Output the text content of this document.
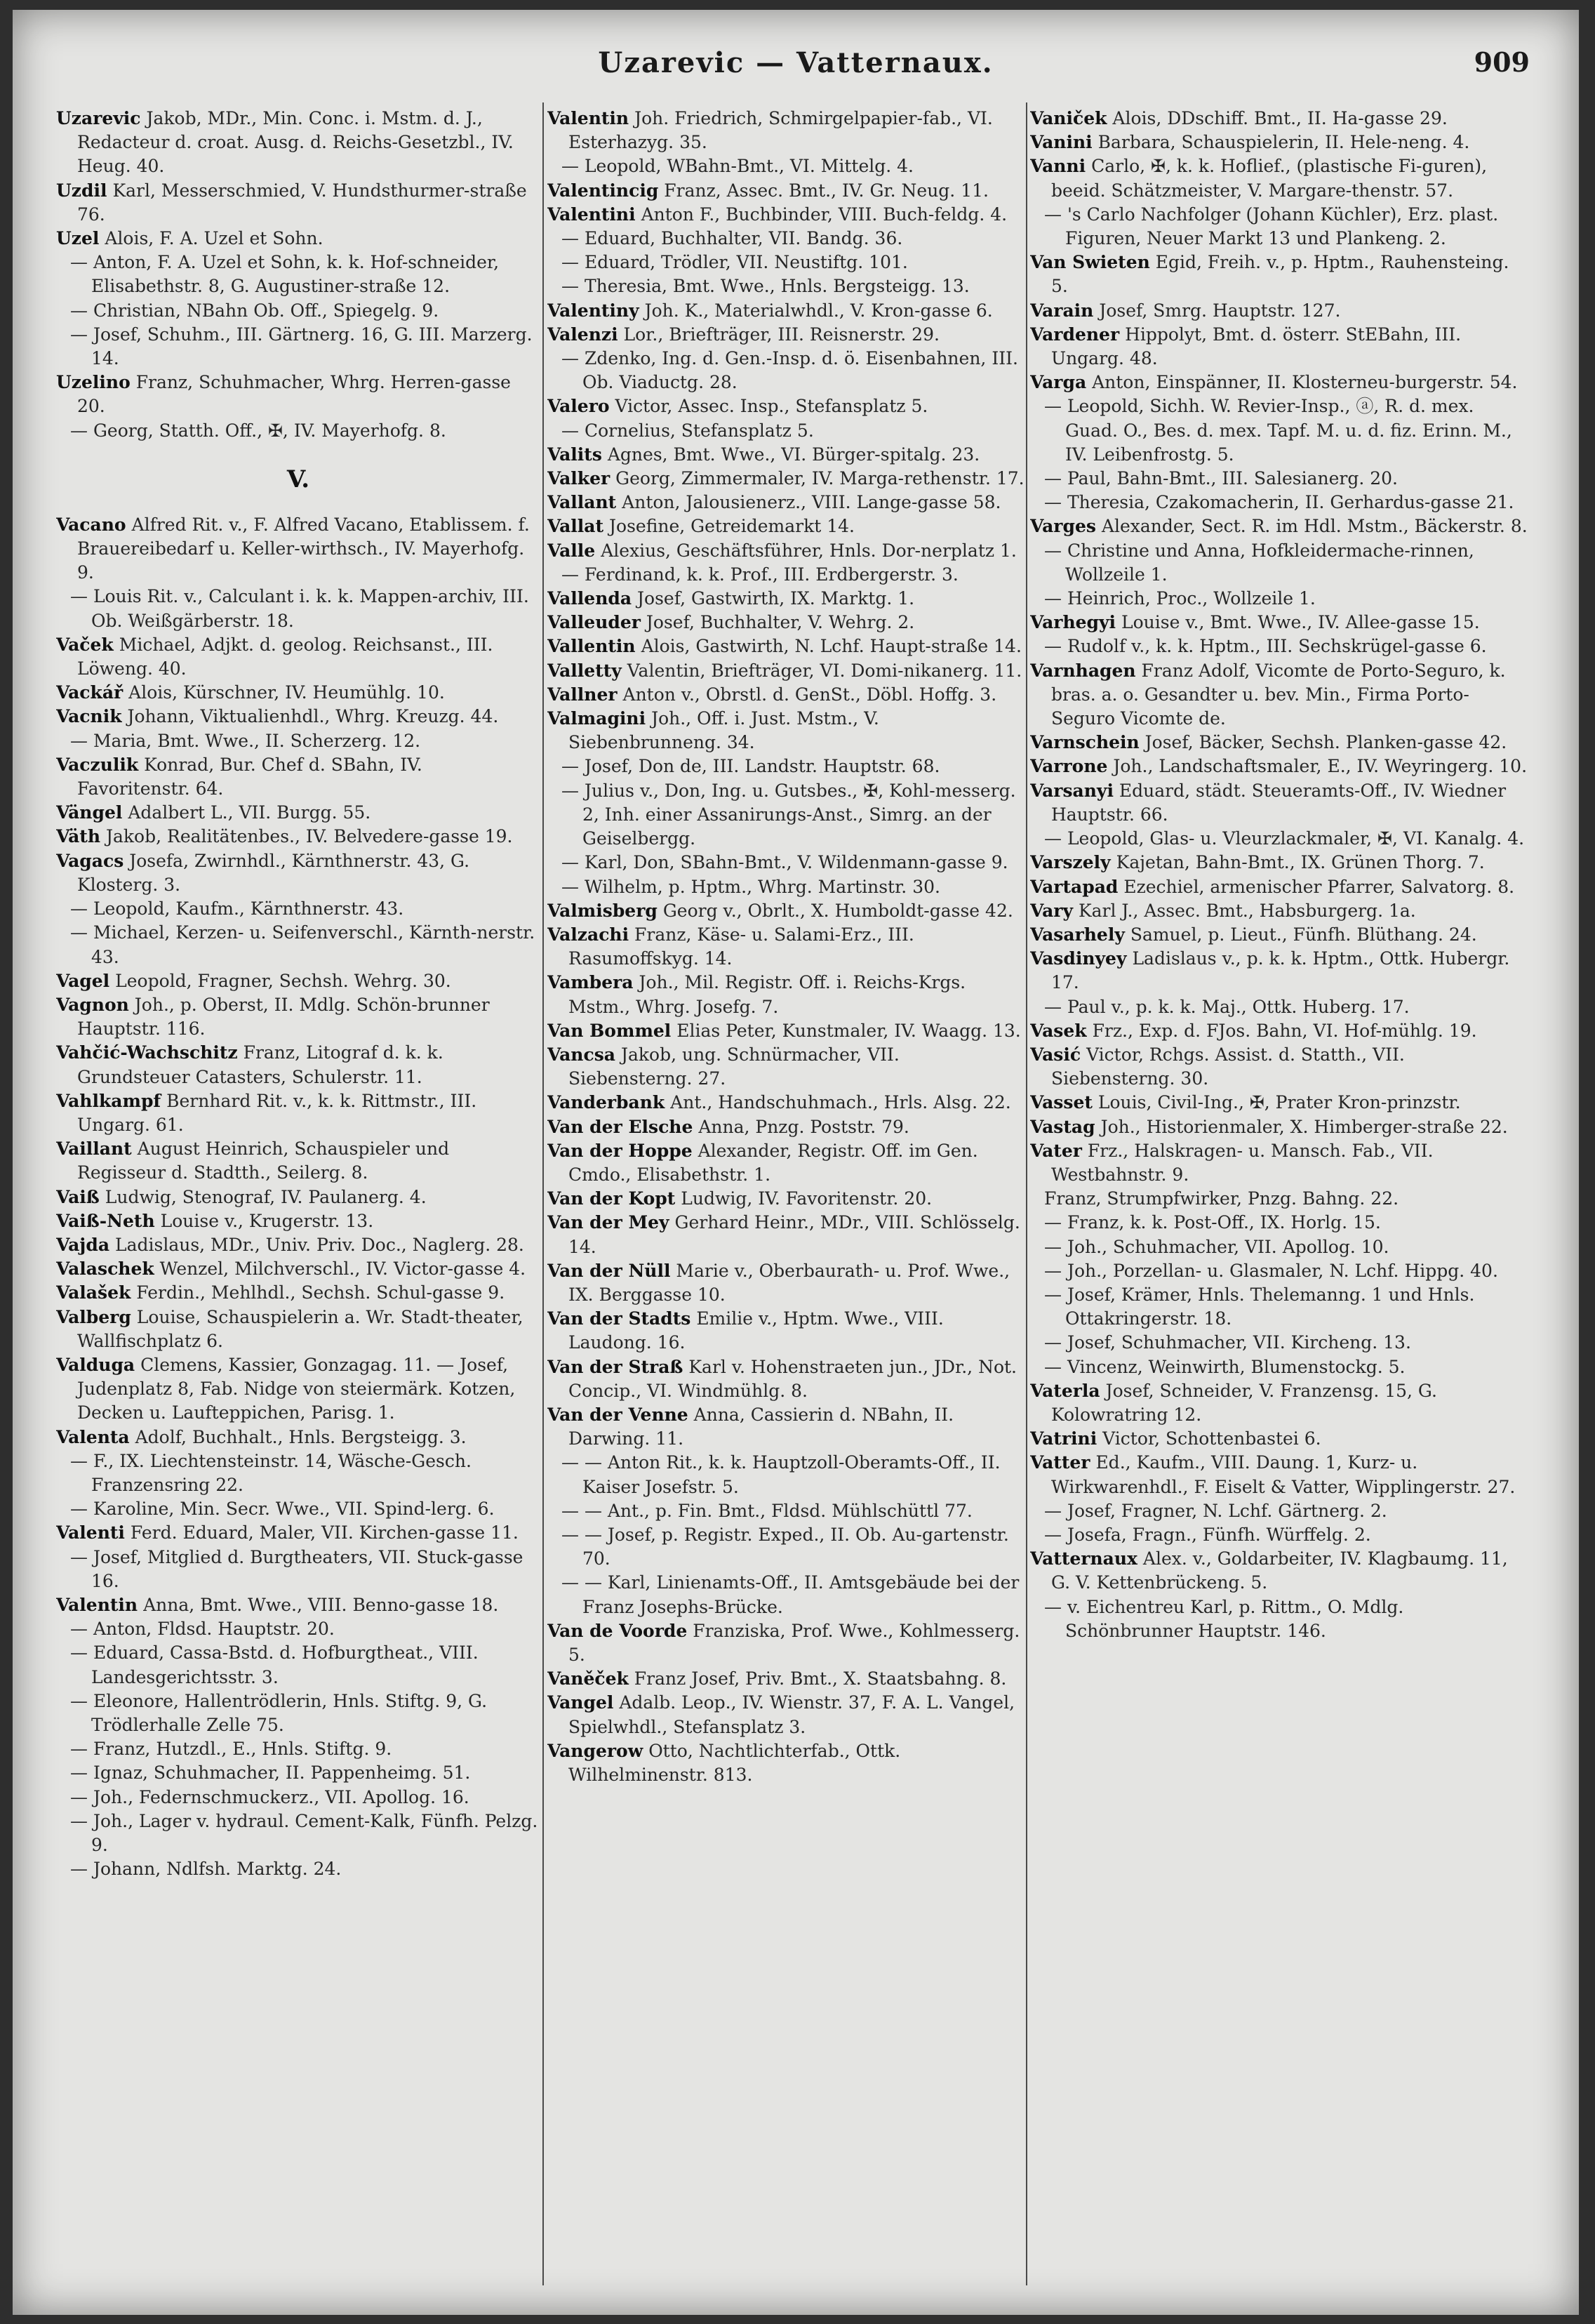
Uzarevic — Vatternaux.	909

Uzarevic Jakob, MDr., Min. Conc. i. Mstm. d. J., Redacteur d. croat. Ausg. d. Reichs-Gesetzbl., IV. Heug. 40.

Uzdil Karl, Messerschmied, V. Hundsthurmer-straße 76.

Uzel Alois, F. A. Uzel et Sohn.

— Anton, F. A. Uzel et Sohn, k. k. Hof-schneider, Elisabethstr. 8, G. Augustiner-straße 12.

— Christian, NBahn Ob. Off., Spiegelg. 9.

— Josef, Schuhm., III. Gärtnerg. 16, G. III. Marzerg. 14.

Uzelino Franz, Schuhmacher, Whrg. Herren-gasse 20.

— Georg, Statth. Off., ✠, IV. Mayerhofg. 8.

V.

Vacano Alfred Rit. v., F. Alfred Vacano, Etablissem. f. Brauereibedarf u. Keller-wirthsch., IV. Mayerhofg. 9.

— Louis Rit. v., Calculant i. k. k. Mappen-archiv, III. Ob. Weißgärberstr. 18.

Vaček Michael, Adjkt. d. geolog. Reichsanst., III. Löweng. 40.

Vackář Alois, Kürschner, IV. Heumühlg. 10.

Vacnik Johann, Viktualienhdl., Whrg. Kreuzg. 44.

— Maria, Bmt. Wwe., II. Scherzerg. 12.

Vaczulik Konrad, Bur. Chef d. SBahn, IV. Favoritenstr. 64.

Vängel Adalbert L., VII. Burgg. 55.

Väth Jakob, Realitätenbes., IV. Belvedere-gasse 19.

Vagacs Josefa, Zwirnhdl., Kärnthnerstr. 43, G. Klosterg. 3.

— Leopold, Kaufm., Kärnthnerstr. 43.

— Michael, Kerzen- u. Seifenverschl., Kärnth-nerstr. 43.

Vagel Leopold, Fragner, Sechsh. Wehrg. 30.

Vagnon Joh., p. Oberst, II. Mdlg. Schön-brunner Hauptstr. 116.

Vahčić-Wachschitz Franz, Litograf d. k. k. Grundsteuer Catasters, Schulerstr. 11.

Vahlkampf Bernhard Rit. v., k. k. Rittmstr., III. Ungarg. 61.

Vaillant August Heinrich, Schauspieler und Regisseur d. Stadtth., Seilerg. 8.

Vaiß Ludwig, Stenograf, IV. Paulanerg. 4.

Vaiß-Neth Louise v., Krugerstr. 13.

Vajda Ladislaus, MDr., Univ. Priv. Doc., Naglerg. 28.

Valaschek Wenzel, Milchverschl., IV. Victor-gasse 4.

Valašek Ferdin., Mehlhdl., Sechsh. Schul-gasse 9.

Valberg Louise, Schauspielerin a. Wr. Stadt-theater, Wallfischplatz 6.

Valduga Clemens, Kassier, Gonzagag. 11. — Josef, Judenplatz 8, Fab. Nidge von steiermärk. Kotzen, Decken u. Laufteppichen, Parisg. 1.

Valenta Adolf, Buchhalt., Hnls. Bergsteigg. 3.

— F., IX. Liechtensteinstr. 14, Wäsche-Gesch. Franzensring 22.

— Karoline, Min. Secr. Wwe., VII. Spind-lerg. 6.

Valenti Ferd. Eduard, Maler, VII. Kirchen-gasse 11.

— Josef, Mitglied d. Burgtheaters, VII. Stuck-gasse 16.

Valentin Anna, Bmt. Wwe., VIII. Benno-gasse 18.

— Anton, Fldsd. Hauptstr. 20.

— Eduard, Cassa-Bstd. d. Hofburgtheat., VIII. Landesgerichtsstr. 3.

— Eleonore, Hallentrödlerin, Hnls. Stiftg. 9, G. Trödlerhalle Zelle 75.

— Franz, Hutzdl., E., Hnls. Stiftg. 9.

— Ignaz, Schuhmacher, II. Pappenheimg. 51.

— Joh., Federnschmuckerz., VII. Apollog. 16.

— Joh., Lager v. hydraul. Cement-Kalk, Fünfh. Pelzg. 9.

— Johann, Ndlfsh. Marktg. 24.

Valentin Joh. Friedrich, Schmirgelpapier-fab., VI. Esterhazyg. 35.

— Leopold, WBahn-Bmt., VI. Mittelg. 4.

Valentincig Franz, Assec. Bmt., IV. Gr. Neug. 11.

Valentini Anton F., Buchbinder, VIII. Buch-feldg. 4.

— Eduard, Buchhalter, VII. Bandg. 36.

— Eduard, Trödler, VII. Neustiftg. 101.

— Theresia, Bmt. Wwe., Hnls. Bergsteigg. 13.

Valentiny Joh. K., Materialwhdl., V. Kron-gasse 6.

Valenzi Lor., Briefträger, III. Reisnerstr. 29.

— Zdenko, Ing. d. Gen.-Insp. d. ö. Eisenbahnen, III. Ob. Viaductg. 28.

Valero Victor, Assec. Insp., Stefansplatz 5.

— Cornelius, Stefansplatz 5.

Valits Agnes, Bmt. Wwe., VI. Bürger-spitalg. 23.

Valker Georg, Zimmermaler, IV. Marga-rethenstr. 17.

Vallant Anton, Jalousienerz., VIII. Lange-gasse 58.

Vallat Josefine, Getreidemarkt 14.

Valle Alexius, Geschäftsführer, Hnls. Dor-nerplatz 1.

— Ferdinand, k. k. Prof., III. Erdbergerstr. 3.

Vallenda Josef, Gastwirth, IX. Marktg. 1.

Valleuder Josef, Buchhalter, V. Wehrg. 2.

Vallentin Alois, Gastwirth, N. Lchf. Haupt-straße 14.

Valletty Valentin, Briefträger, VI. Domi-nikanerg. 11.

Vallner Anton v., Obrstl. d. GenSt., Döbl. Hoffg. 3.

Valmagini Joh., Off. i. Just. Mstm., V. Siebenbrunneng. 34.

— Josef, Don de, III. Landstr. Hauptstr. 68.

— Julius v., Don, Ing. u. Gutsbes., ✠, Kohl-messerg. 2, Inh. einer Assanirungs-Anst., Simrg. an der Geiselbergg.

— Karl, Don, SBahn-Bmt., V. Wildenmann-gasse 9.

— Wilhelm, p. Hptm., Whrg. Martinstr. 30.

Valmisberg Georg v., Obrlt., X. Humboldt-gasse 42.

Valzachi Franz, Käse- u. Salami-Erz., III. Rasumoffskyg. 14.

Vambera Joh., Mil. Registr. Off. i. Reichs-Krgs. Mstm., Whrg. Josefg. 7.

Van Bommel Elias Peter, Kunstmaler, IV. Waagg. 13.

Vancsa Jakob, ung. Schnürmacher, VII. Siebensterng. 27.

Vanderbank Ant., Handschuhmach., Hrls. Alsg. 22.

Van der Elsche Anna, Pnzg. Poststr. 79.

Van der Hoppe Alexander, Registr. Off. im Gen. Cmdo., Elisabethstr. 1.

Van der Kopt Ludwig, IV. Favoritenstr. 20.

Van der Mey Gerhard Heinr., MDr., VIII. Schlösselg. 14.

Van der Nüll Marie v., Oberbaurath- u. Prof. Wwe., IX. Berggasse 10.

Van der Stadts Emilie v., Hptm. Wwe., VIII. Laudong. 16.

Van der Straß Karl v. Hohenstraeten jun., JDr., Not. Concip., VI. Windmühlg. 8.

Van der Venne Anna, Cassierin d. NBahn, II. Darwing. 11.

— — Anton Rit., k. k. Hauptzoll-Oberamts-Off., II. Kaiser Josefstr. 5.

— — Ant., p. Fin. Bmt., Fldsd. Mühlschüttl 77.

— — Josef, p. Registr. Exped., II. Ob. Au-gartenstr. 70.

— — Karl, Linienamts-Off., II. Amtsgebäude bei der Franz Josephs-Brücke.

Van de Voorde Franziska, Prof. Wwe., Kohlmesserg. 5.

Vaněček Franz Josef, Priv. Bmt., X. Staatsbahng. 8.

Vangel Adalb. Leop., IV. Wienstr. 37, F. A. L. Vangel, Spielwhdl., Stefansplatz 3.

Vangerow Otto, Nachtlichterfab., Ottk. Wilhelminenstr. 813.

Vaniček Alois, DDschiff. Bmt., II. Ha-gasse 29.

Vanini Barbara, Schauspielerin, II. Hele-neng. 4.

Vanni Carlo, ✠, k. k. Hoflief., (plastische Fi-guren), beeid. Schätzmeister, V. Margare-thenstr. 57.

— 's Carlo Nachfolger (Johann Küchler), Erz. plast. Figuren, Neuer Markt 13 und Plankeng. 2.

Van Swieten Egid, Freih. v., p. Hptm., Rauhensteing. 5.

Varain Josef, Smrg. Hauptstr. 127.

Vardener Hippolyt, Bmt. d. österr. StEBahn, III. Ungarg. 48.

Varga Anton, Einspänner, II. Klosterneu-burgerstr. 54.

— Leopold, Sichh. W. Revier-Insp., ⓐ, R. d. mex. Guad. O., Bes. d. mex. Tapf. M. u. d. fiz. Erinn. M., IV. Leibenfrostg. 5.

— Paul, Bahn-Bmt., III. Salesianerg. 20.

— Theresia, Czakomacherin, II. Gerhardus-gasse 21.

Varges Alexander, Sect. R. im Hdl. Mstm., Bäckerstr. 8.

— Christine und Anna, Hofkleidermache-rinnen, Wollzeile 1.

— Heinrich, Proc., Wollzeile 1.

Varhegyi Louise v., Bmt. Wwe., IV. Allee-gasse 15.

— Rudolf v., k. k. Hptm., III. Sechskrügel-gasse 6.

Varnhagen Franz Adolf, Vicomte de Porto-Seguro, k. bras. a. o. Gesandter u. bev. Min., Firma Porto-Seguro Vicomte de.

Varnschein Josef, Bäcker, Sechsh. Planken-gasse 42.

Varrone Joh., Landschaftsmaler, E., IV. Weyringerg. 10.

Varsanyi Eduard, städt. Steueramts-Off., IV. Wiedner Hauptstr. 66.

— Leopold, Glas- u. Vleurzlackmaler, ✠, VI. Kanalg. 4.

Varszely Kajetan, Bahn-Bmt., IX. Grünen Thorg. 7.

Vartapad Ezechiel, armenischer Pfarrer, Salvatorg. 8.

Vary Karl J., Assec. Bmt., Habsburgerg. 1a.

Vasarhely Samuel, p. Lieut., Fünfh. Blüthang. 24.

Vasdinyey Ladislaus v., p. k. k. Hptm., Ottk. Hubergr. 17.

— Paul v., p. k. k. Maj., Ottk. Huberg. 17.

Vasek Frz., Exp. d. FJos. Bahn, VI. Hof-mühlg. 19.

Vasić Victor, Rchgs. Assist. d. Statth., VII. Siebensterng. 30.

Vasset Louis, Civil-Ing., ✠, Prater Kron-prinzstr.

Vastag Joh., Historienmaler, X. Himberger-straße 22.

Vater Frz., Halskragen- u. Mansch. Fab., VII. Westbahnstr. 9.

Franz, Strumpfwirker, Pnzg. Bahng. 22.

— Franz, k. k. Post-Off., IX. Horlg. 15.

— Joh., Schuhmacher, VII. Apollog. 10.

— Joh., Porzellan- u. Glasmaler, N. Lchf. Hippg. 40.

— Josef, Krämer, Hnls. Thelemanng. 1 und Hnls. Ottakringerstr. 18.

— Josef, Schuhmacher, VII. Kircheng. 13.

— Vincenz, Weinwirth, Blumenstockg. 5.

Vaterla Josef, Schneider, V. Franzensg. 15, G. Kolowratring 12.

Vatrini Victor, Schottenbastei 6.

Vatter Ed., Kaufm., VIII. Daung. 1, Kurz- u. Wirkwarenhdl., F. Eiselt & Vatter, Wipplingerstr. 27.

— Josef, Fragner, N. Lchf. Gärtnerg. 2.

— Josefa, Fragn., Fünfh. Würffelg. 2.

Vatternaux Alex. v., Goldarbeiter, IV. Klagbaumg. 11, G. V. Kettenbrückeng. 5.

— v. Eichentreu Karl, p. Rittm., O. Mdlg. Schönbrunner Hauptstr. 146.
